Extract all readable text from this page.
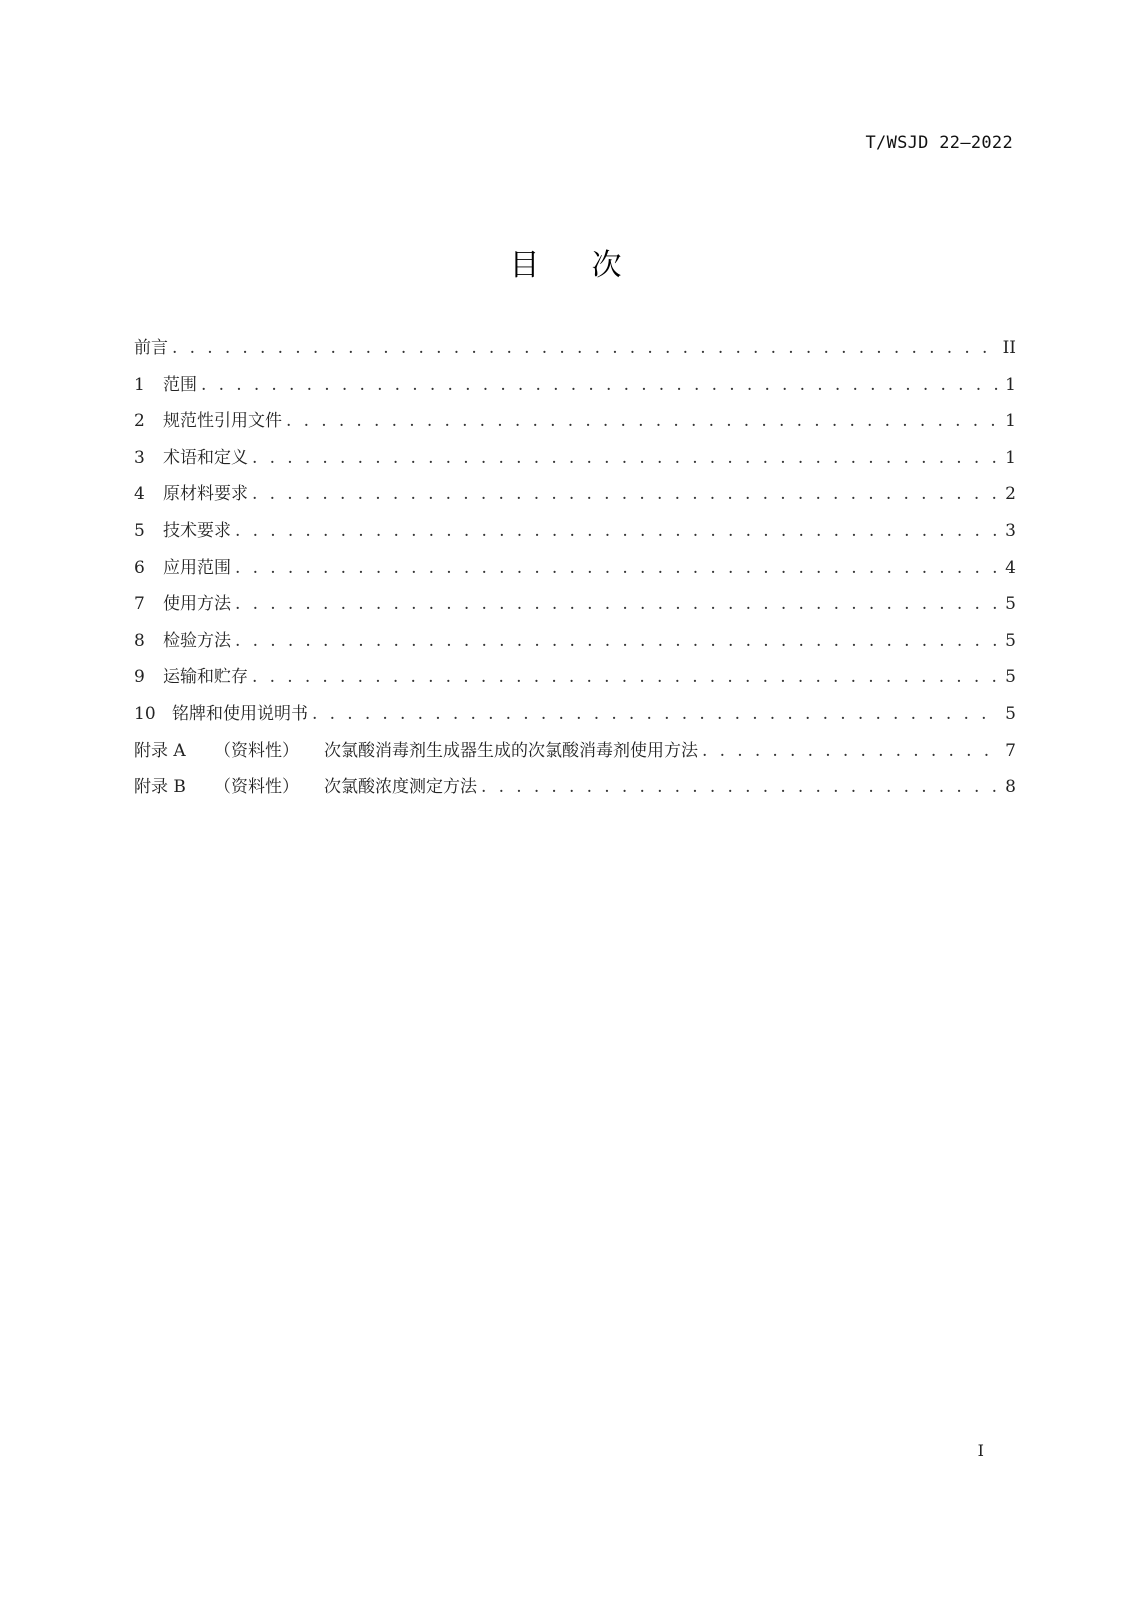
T/WSJD 22—2022
目 次
前言 . . .	II
1	范围 . . .	1
2	规范性引用文件 . . .	1
3	术语和定义 . . .	1
4	原材料要求 . . .	2
5	技术要求 . . .	3
6	应用范围 . . .	4
7	使用方法 . . .	5
8	检验方法 . . .	5
9	运输和贮存 . . .	5
10 铭牌和使用说明书 . . .	5
附录 A	（资料性）	次氯酸消毒剂生成器生成的次氯酸消毒剂使用方法 . . .	7
附录 B	（资料性）	次氯酸浓度测定方法 . . .	8
I
